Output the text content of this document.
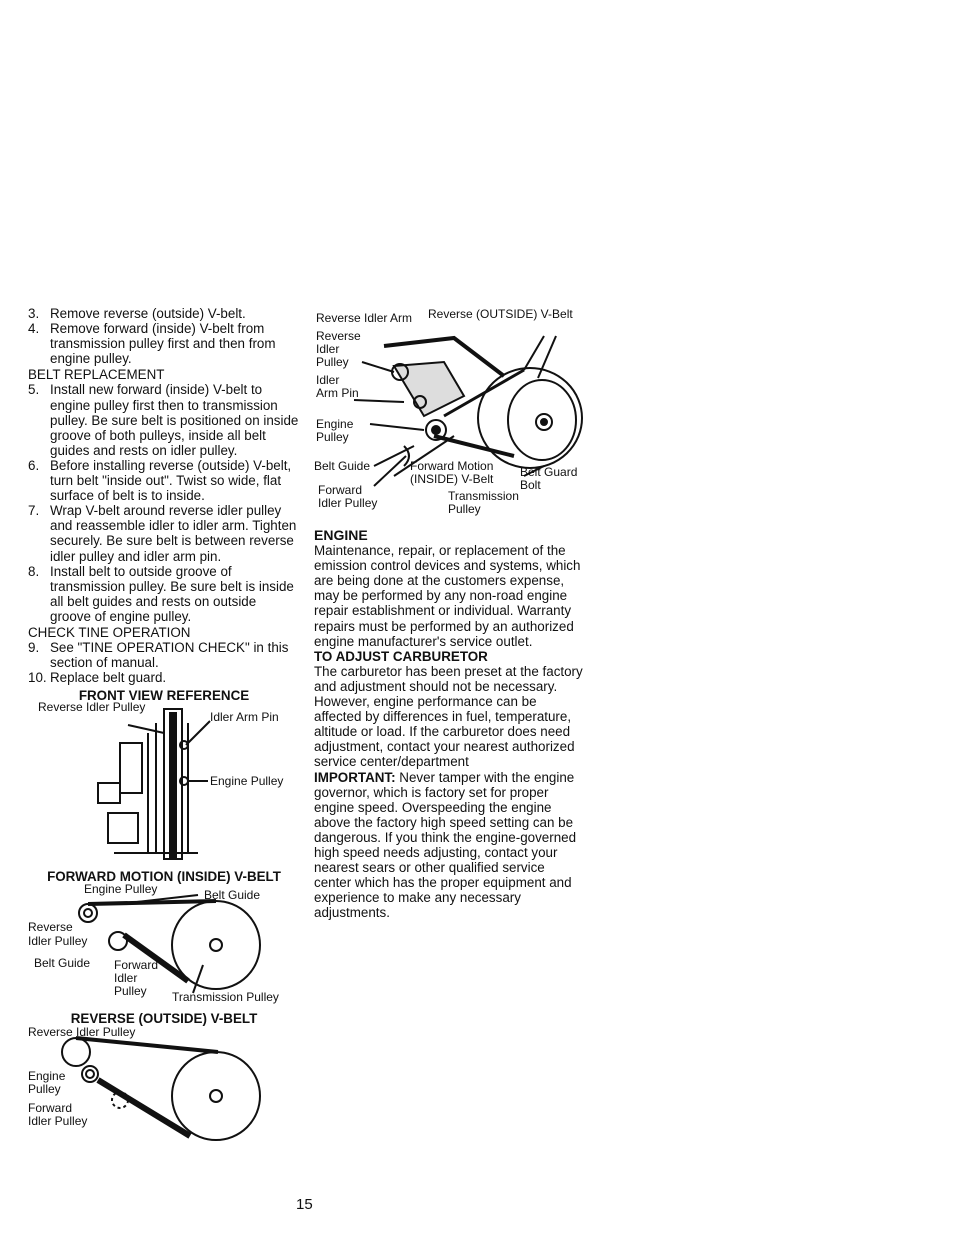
3. Remove reverse (outside) V-belt.
4. Remove forward (inside) V-belt from transmission pulley first and then from engine pulley.
BELT REPLACEMENT
5. Install new forward (inside) V-belt to engine pulley first then to transmission pulley. Be sure belt is positioned on inside groove of both pulleys, inside all belt guides and rests on idler pulley.
6. Before installing reverse (outside) V-belt, turn belt "inside out". Twist so wide, flat surface of belt is to inside.
7. Wrap V-belt around reverse idler pulley and reassemble idler to idler arm. Tighten securely. Be sure belt is between reverse idler pulley and idler arm pin.
8. Install belt to outside groove of transmission pulley. Be sure belt is inside all belt guides and rests on outside groove of engine pulley.
CHECK TINE OPERATION
9. See "TINE OPERATION CHECK" in this section of manual.
10. Replace belt guard.
FRONT VIEW REFERENCE
Reverse Idler Pulley
Idler Arm Pin
Engine Pulley
FORWARD MOTION (INSIDE) V-BELT
Engine Pulley	Belt Guide
Reverse
Idler Pulley
Belt Guide Forward
Idler
Pulley Transmission Pulley
REVERSE (OUTSIDE) V-BELT
Reverse Idler Pulley
Engine
Pulley
Forward
Idler Pulley
Reverse Idler Arm Reverse (OUTSIDE) V-Belt
Reverse
Idler
Pulley
Idler
Arm Pin
Engine
Pulley
Belt Guide	Forward Motion
(INSIDE) V-Belt Belt Guard
Bolt
Forward
Idler Pulley	Transmission
Pulley
ENGINE

Maintenance, repair, or replacement of the emission control devices and systems, which are being done at the customers expense, may be performed by any non-road engine repair establishment or individual. Warranty repairs must be performed by an authorized engine manufacturer's service outlet.

TO ADJUST CARBURETOR

The carburetor has been preset at the factory and adjustment should not be necessary. However, engine performance can be affected by differences in fuel, temperature, altitude or load. If the carburetor does need adjustment, contact your nearest authorized service center/department

IMPORTANT: Never tamper with the engine governor, which is factory set for proper engine speed. Overspeeding the engine above the factory high speed setting can be dangerous. If you think the engine-governed high speed needs adjusting, contact your nearest sears or other qualified service center which has the proper equipment and experience to make any necessary adjustments.

15
